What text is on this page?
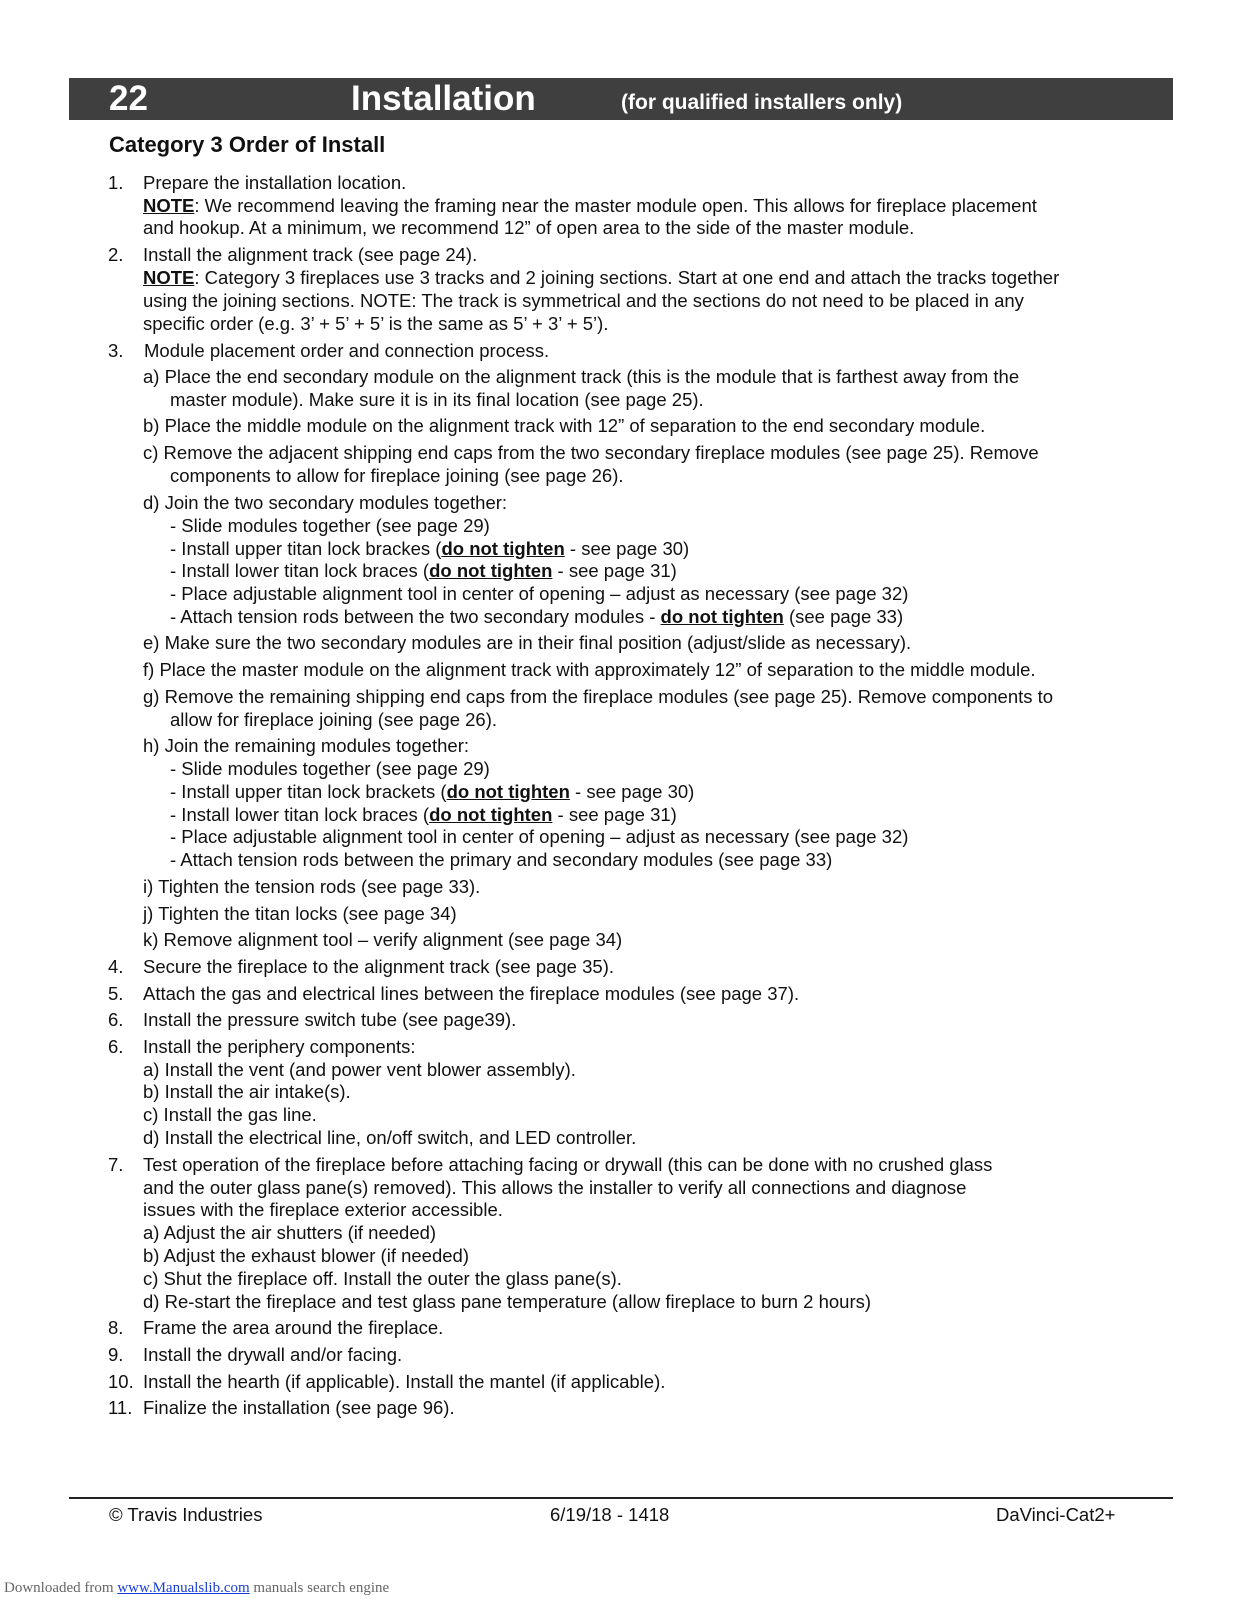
22	Installation	(for qualified installers only)
Category 3 Order of Install
1. Prepare the installation location.
NOTE: We recommend leaving the framing near the master module open. This allows for fireplace placement
and hookup. At a minimum, we recommend 12” of open area to the side of the master module.
2. Install the alignment track (see page 24).
NOTE: Category 3 fireplaces use 3 tracks and 2 joining sections. Start at one end and attach the tracks together
using the joining sections. NOTE: The track is symmetrical and the sections do not need to be placed in any
specific order (e.g. 3’ + 5’ + 5’ is the same as 5’ + 3’ + 5’).
3. Module placement order and connection process.
a) Place the end secondary module on the alignment track (this is the module that is farthest away from the
master module). Make sure it is in its final location (see page 25).
b) Place the middle module on the alignment track with 12” of separation to the end secondary module.
c) Remove the adjacent shipping end caps from the two secondary fireplace modules (see page 25). Remove
components to allow for fireplace joining (see page 26).
d) Join the two secondary modules together:
- Slide modules together (see page 29)
- Install upper titan lock brackes (do not tighten - see page 30)
- Install lower titan lock braces (do not tighten - see page 31)
- Place adjustable alignment tool in center of opening – adjust as necessary (see page 32)
- Attach tension rods between the two secondary modules - do not tighten (see page 33)
e) Make sure the two secondary modules are in their final position (adjust/slide as necessary).
f) Place the master module on the alignment track with approximately 12” of separation to the middle module.
g) Remove the remaining shipping end caps from the fireplace modules (see page 25). Remove components to
allow for fireplace joining (see page 26).
h) Join the remaining modules together:
- Slide modules together (see page 29)
- Install upper titan lock brackets (do not tighten - see page 30)
- Install lower titan lock braces (do not tighten - see page 31)
- Place adjustable alignment tool in center of opening – adjust as necessary (see page 32)
- Attach tension rods between the primary and secondary modules (see page 33)
i) Tighten the tension rods (see page 33).
j) Tighten the titan locks (see page 34)
k) Remove alignment tool – verify alignment (see page 34)
4. Secure the fireplace to the alignment track (see page 35).
5. Attach the gas and electrical lines between the fireplace modules (see page 37).
6. Install the pressure switch tube (see page39).
6. Install the periphery components:
a) Install the vent (and power vent blower assembly).
b) Install the air intake(s).
c) Install the gas line.
d) Install the electrical line, on/off switch, and LED controller.
7. Test operation of the fireplace before attaching facing or drywall (this can be done with no crushed glass
and the outer glass pane(s) removed). This allows the installer to verify all connections and diagnose
issues with the fireplace exterior accessible.
a) Adjust the air shutters (if needed)
b) Adjust the exhaust blower (if needed)
c) Shut the fireplace off. Install the outer the glass pane(s).
d) Re-start the fireplace and test glass pane temperature (allow fireplace to burn 2 hours)
8. Frame the area around the fireplace.
9. Install the drywall and/or facing.
10. Install the hearth (if applicable). Install the mantel (if applicable).
11. Finalize the installation (see page 96).
© Travis Industries	6/19/18 - 1418	DaVinci-Cat2+
Downloaded from www.Manualslib.com manuals search engine
